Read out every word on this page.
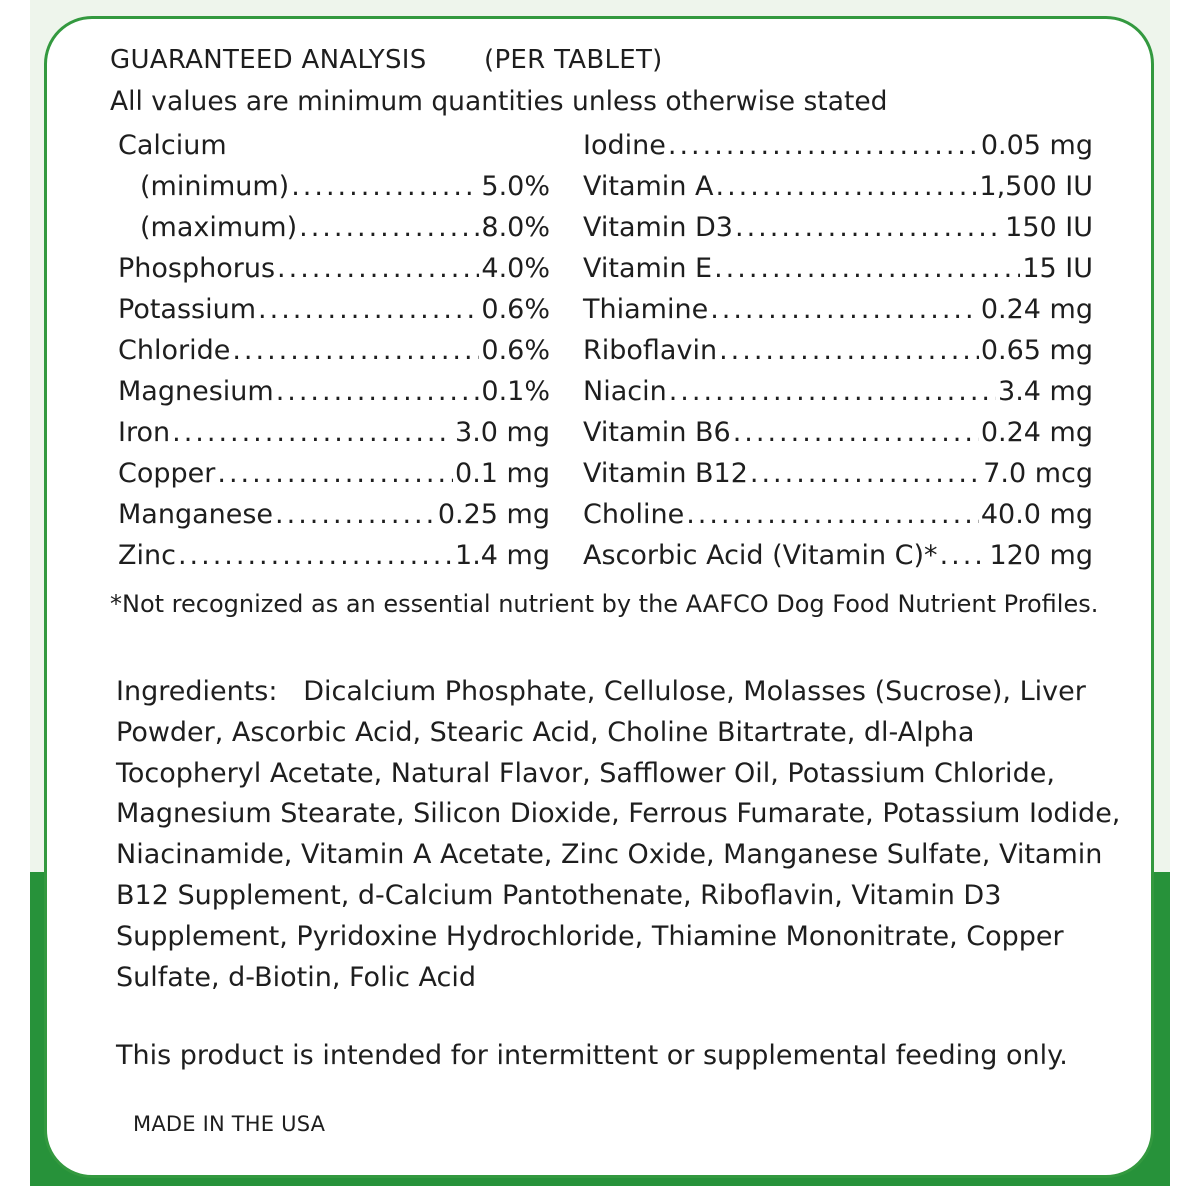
GUARANTEED ANALYSIS (PER TABLET)
All values are minimum quantities unless otherwise stated
Calcium
(minimum) .....	5.0%
(maximum) .....	8.0%
Phosphorus .....	4.0%
Potassium .....	0.6%
Chloride .....	0.6%
Magnesium .....	0.1%
Iron .....	3.0 mg
Copper .....	0.1 mg
Manganese .....	0.25 mg
Zinc .....	1.4 mg
Iodine .....	0.05 mg
Vitamin A .....	1,500 IU
Vitamin D3 .....	150 IU
Vitamin E .....	15 IU
Thiamine .....	0.24 mg
Riboflavin .....	0.65 mg
Niacin .....	3.4 mg
Vitamin B6 .....	0.24 mg
Vitamin B12 .....	7.0 mcg
Choline .....	40.0 mg
Ascorbic Acid (Vitamin C)* ..... 120 mg
*Not recognized as an essential nutrient by the AAFCO Dog Food Nutrient Profiles.
Ingredients: Dicalcium Phosphate, Cellulose, Molasses (Sucrose), Liver Powder, Ascorbic Acid, Stearic Acid, Choline Bitartrate, dl-Alpha Tocopheryl Acetate, Natural Flavor, Safflower Oil, Potassium Chloride, Magnesium Stearate, Silicon Dioxide, Ferrous Fumarate, Potassium Iodide, Niacinamide, Vitamin A Acetate, Zinc Oxide, Manganese Sulfate, Vitamin B12 Supplement, d-Calcium Pantothenate, Riboflavin, Vitamin D3 Supplement, Pyridoxine Hydrochloride, Thiamine Mononitrate, Copper Sulfate, d-Biotin, Folic Acid
This product is intended for intermittent or supplemental feeding only.
MADE IN THE USA
